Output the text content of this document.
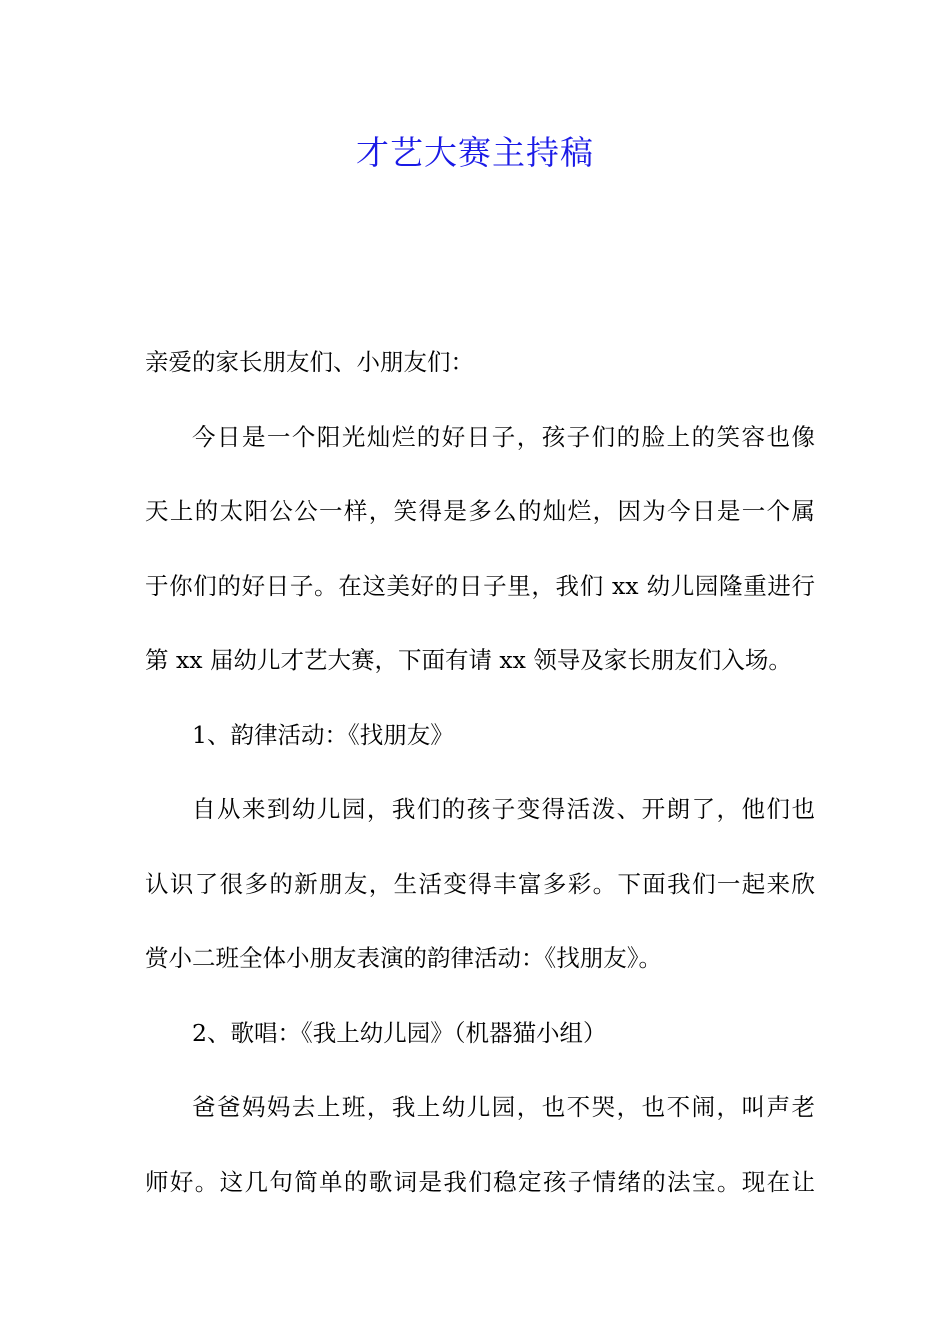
才艺大赛主持稿
亲爱的家长朋友们、小朋友们：
今日是一个阳光灿烂的好日子，孩子们的脸上的笑容也像
天上的太阳公公一样，笑得是多么的灿烂，因为今日是一个属
于你们的好日子。在这美好的日子里，我们 xx 幼儿园隆重进行
第 xx 届幼儿才艺大赛，下面有请 xx 领导及家长朋友们入场。
1、韵律活动：《找朋友》
自从来到幼儿园，我们的孩子变得活泼、开朗了，他们也
认识了很多的新朋友，生活变得丰富多彩。下面我们一起来欣
赏小二班全体小朋友表演的韵律活动：《找朋友》。
2、歌唱：《我上幼儿园》（机器猫小组）
爸爸妈妈去上班，我上幼儿园，也不哭，也不闹，叫声老
师好。这几句简单的歌词是我们稳定孩子情绪的法宝。现在让
